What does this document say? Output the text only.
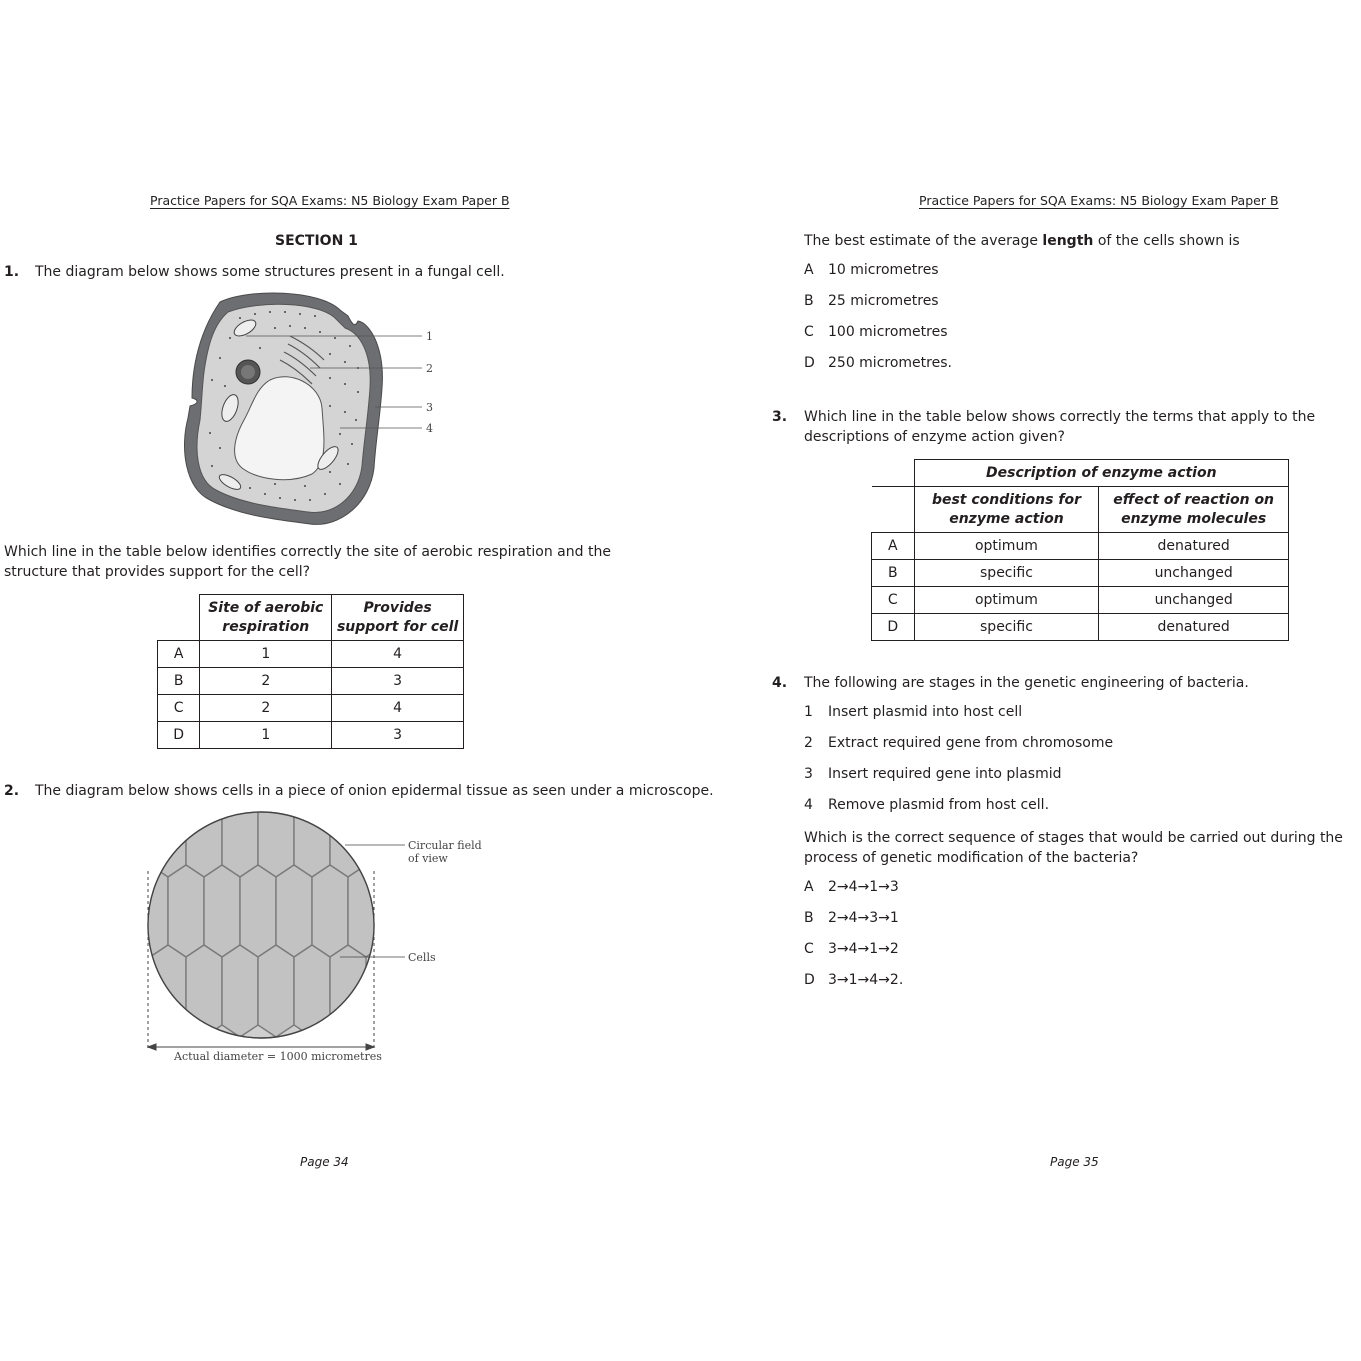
Practice Papers for SQA Exams: N5 Biology Exam Paper B
SECTION 1
1. The diagram below shows some structures present in a fungal cell.
1
2
3
4
Which line in the table below identifies correctly the site of aerobic respiration and the structure that provides support for the cell?
	Site of aerobic respiration	Provides support for cell
A	1	4
B	2	3
C	2	4
D	1	3
2. The diagram below shows cells in a piece of onion epidermal tissue as seen under a microscope.
Circular field
of view
Cells
Actual diameter = 1000 micrometres
Page 34
Practice Papers for SQA Exams: N5 Biology Exam Paper B
The best estimate of the average length of the cells shown is
A 10 micrometres
B 25 micrometres
C 100 micrometres
D 250 micrometres.
3. Which line in the table below shows correctly the terms that apply to the descriptions of enzyme action given?
	Description of enzyme action	
	best conditions for enzyme action	effect of reaction on enzyme molecules
A	optimum	denatured
B	specific	unchanged
C	optimum	unchanged
D	specific	denatured
4. The following are stages in the genetic engineering of bacteria.
1 Insert plasmid into host cell
2 Extract required gene from chromosome
3 Insert required gene into plasmid
4 Remove plasmid from host cell.
Which is the correct sequence of stages that would be carried out during the process of genetic modification of the bacteria?
A 2→4→1→3
B 2→4→3→1
C 3→4→1→2
D 3→1→4→2.
Page 35
